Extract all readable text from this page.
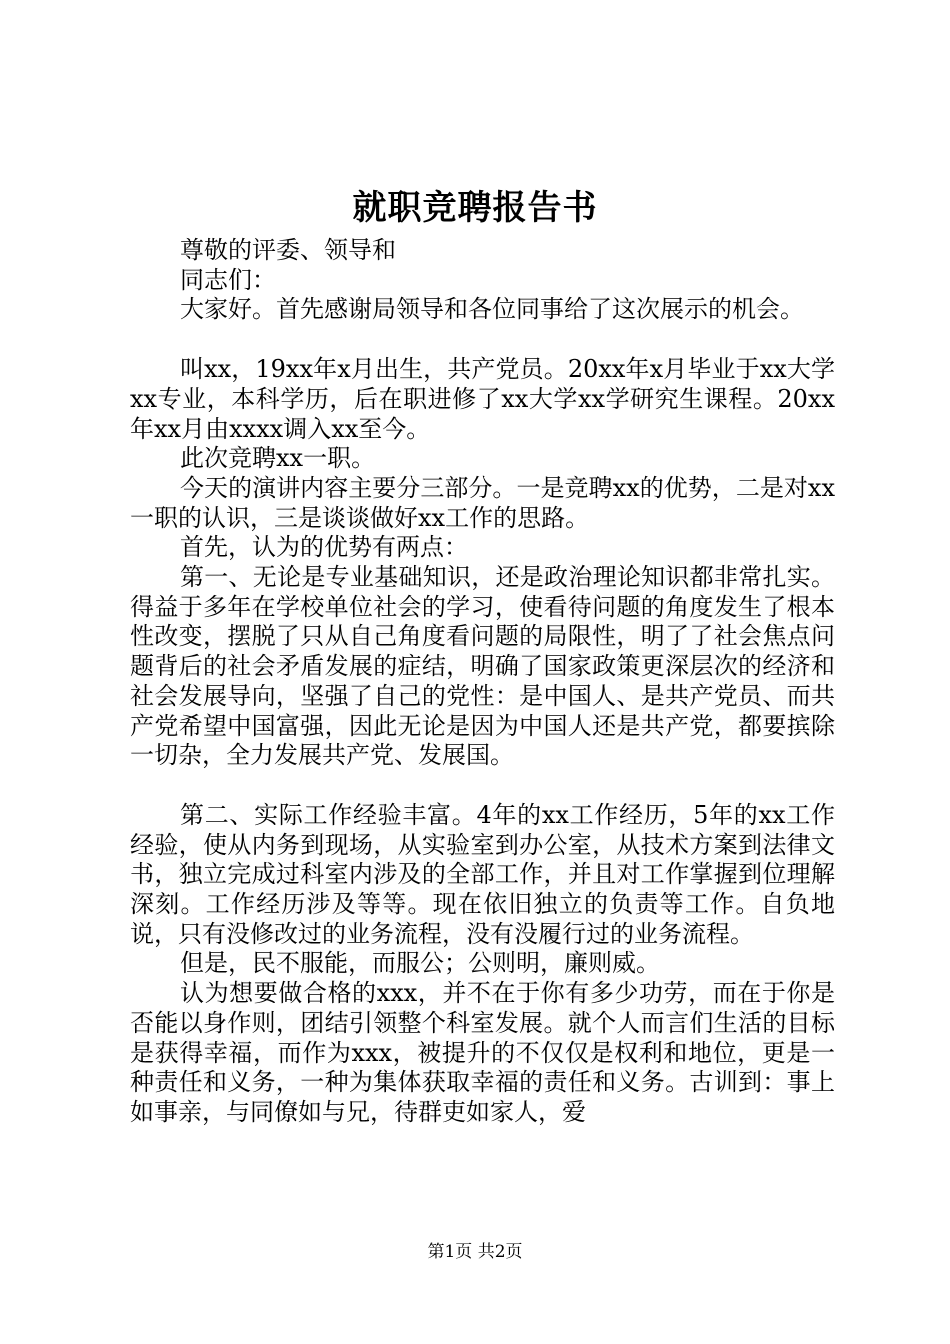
就职竞聘报告书

尊敬的评委、领导和

同志们：

大家好。首先感谢局领导和各位同事给了这次展示的机会。

叫xx，19xx年x月出生，共产党员。20xx年x月毕业于xx大学xx专业，本科学历，后在职进修了xx大学xx学研究生课程。20xx年xx月由xxxx调入xx至今。

此次竞聘xx一职。

今天的演讲内容主要分三部分。一是竞聘xx的优势，二是对xx一职的认识，三是谈谈做好xx工作的思路。

首先，认为的优势有两点：

第一、无论是专业基础知识，还是政治理论知识都非常扎实。得益于多年在学校单位社会的学习，使看待问题的角度发生了根本性改变，摆脱了只从自己角度看问题的局限性，明了了社会焦点问题背后的社会矛盾发展的症结，明确了国家政策更深层次的经济和社会发展导向，坚强了自己的党性：是中国人、是共产党员、而共产党希望中国富强，因此无论是因为中国人还是共产党，都要摈除一切杂，全力发展共产党、发展国。

第二、实际工作经验丰富。4年的xx工作经历，5年的xx工作经验，使从内务到现场，从实验室到办公室，从技术方案到法律文书，独立完成过科室内涉及的全部工作，并且对工作掌握到位理解深刻。工作经历涉及等等。现在依旧独立的负责等工作。自负地说，只有没修改过的业务流程，没有没履行过的业务流程。

但是，民不服能，而服公；公则明，廉则威。

认为想要做合格的xxx，并不在于你有多少功劳，而在于你是否能以身作则，团结引领整个科室发展。就个人而言们生活的目标是获得幸福，而作为xxx，被提升的不仅仅是权利和地位，更是一种责任和义务，一种为集体获取幸福的责任和义务。古训到：事上如事亲，与同僚如与兄，待群吏如家人，爱

第1页 共2页
